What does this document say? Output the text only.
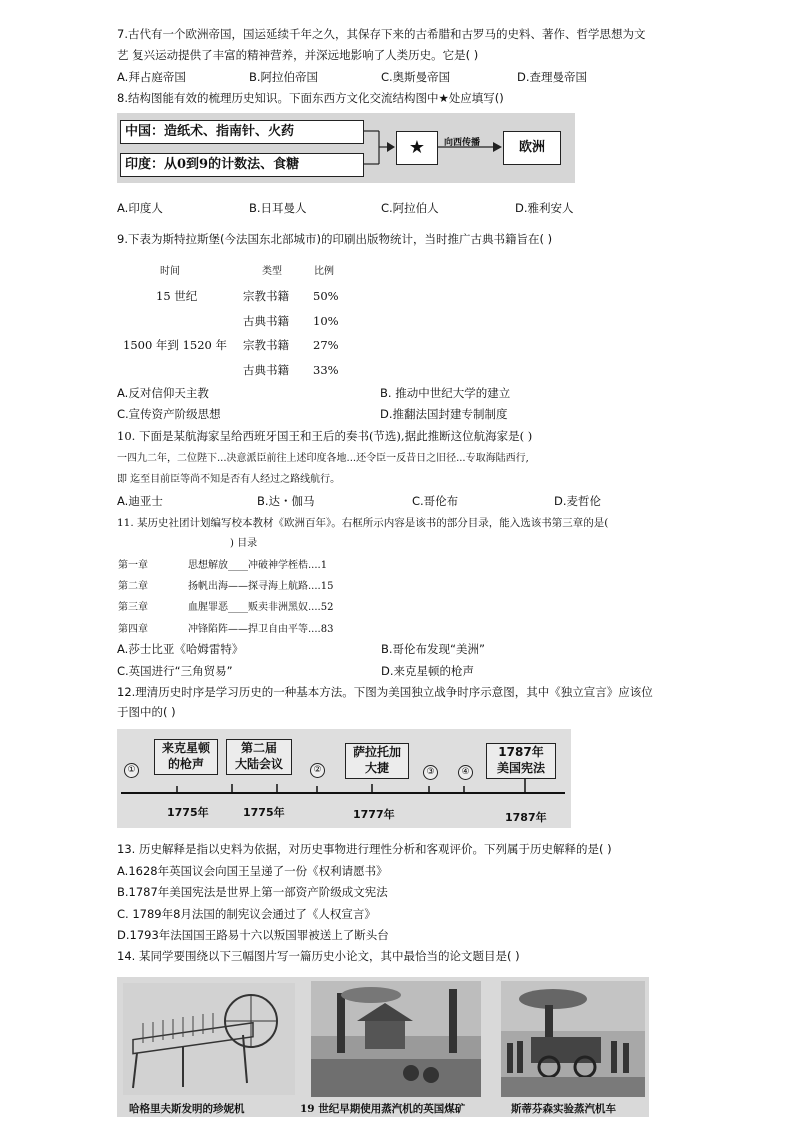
7.古代有一个欧洲帝国，国运延续千年之久，其保存下来的古希腊和古罗马的史料、著作、哲学思想为文
艺 复兴运动提供了丰富的精神营养，并深远地影响了人类历史。它是( )
A.拜占庭帝国	B.阿拉伯帝国	C.奥斯曼帝国	D.查理曼帝国
8.结构图能有效的梳理历史知识。下面东西方文化交流结构图中★处应填写()
中国：造纸术、指南针、火药
印度：从0到9的计数法、食糖
★	向西传播	欧洲
A.印度人	B.日耳曼人	C.阿拉伯人	D.雅利安人
9.下表为斯特拉斯堡(今法国东北部城市)的印刷出版物统计，当时推广古典书籍旨在( )
时间	类型	比例
15 世纪	宗教书籍 50%
古典书籍 10%
1500 年到 1520 年 宗教书籍 27%
古典书籍 33%
A.反对信仰天主教	B. 推动中世纪大学的建立
C.宣传资产阶级思想	D.推翻法国封建专制制度
10. 下面是某航海家呈给西班牙国王和王后的奏书(节选),据此推断这位航海家是( )
一四九二年，二位陛下...决意派臣前往上述印度各地...还令臣一反昔日之旧径...专取海陆西行,
即 迄至目前臣等尚不知是否有人经过之路线航行。
A.迪亚士	B.达・伽马	C.哥伦布	D.麦哲伦
11. 某历史社团计划编写校本教材《欧洲百年》。右框所示内容是该书的部分目录，能入选该书第三章的是(
) 目录
第一章	思想解放____冲破神学桎梏....1
第二章	扬帆出海——探寻海上航路....15
第三章	血腥罪恶____贩卖非洲黑奴....52
第四章	冲锋陷阵——捍卫自由平等....83
A.莎士比亚《哈姆雷特》	B.哥伦布发现“美洲”
C.英国进行“三角贸易”	D.来克星顿的枪声
12.理清历史时序是学习历史的一种基本方法。下图为美国独立战争时序示意图，其中《独立宣言》应该位
于图中的( )
来克星顿
的枪声
第二届
大陆会议
萨拉托加
大捷
1787年
美国宪法
①	②	③	④
1775年	1775年	1777年	1787年
13. 历史解释是指以史料为依据，对历史事物进行理性分析和客观评价。下列属于历史解释的是( )
A.1628年英国议会向国王呈递了一份《权利请愿书》
B.1787年美国宪法是世界上第一部资产阶级成文宪法
C. 1789年8月法国的制宪议会通过了《人权宣言》
D.1793年法国国王路易十六以叛国罪被送上了断头台
14. 某同学要围绕以下三幅图片写一篇历史小论文，其中最恰当的论文题目是( )
哈格里夫斯发明的珍妮机	19 世纪早期使用蒸汽机的英国煤矿	斯蒂芬森实验蒸汽机车
